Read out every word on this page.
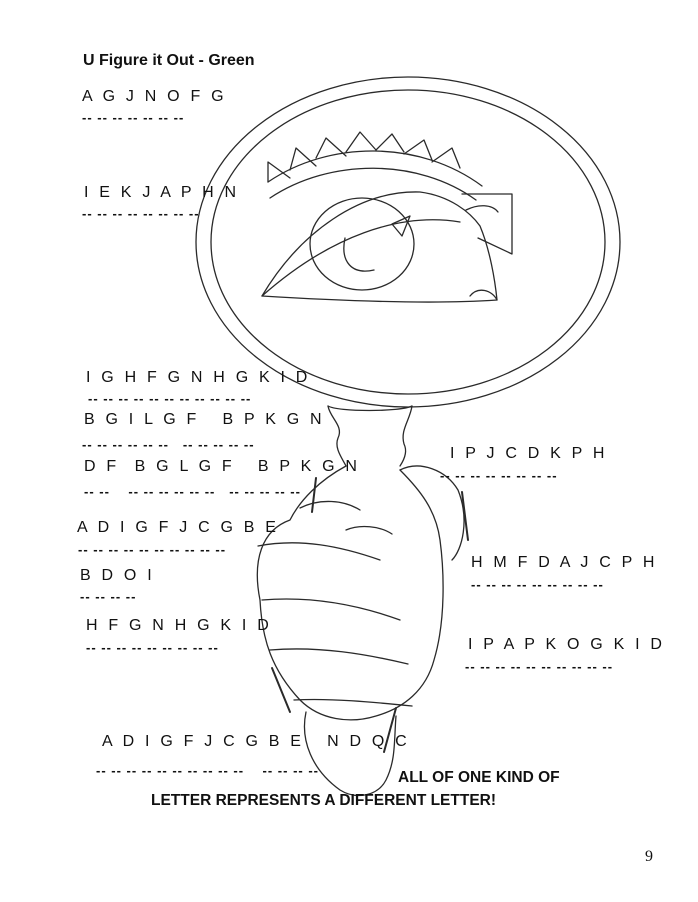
U Figure it Out - Green
A G J N O F G
-- -- -- -- -- -- --
I E K J A P H N
-- -- -- -- -- -- -- --
I G H F G N H G K I D
-- -- -- -- -- -- -- -- -- -- --
B G I L G F   B P K G N
-- -- -- -- -- --   -- -- -- -- --
D F  B G L G F   B P K G N
-- --    -- -- -- -- -- --   -- -- -- -- --
I P J C D K P H
-- -- -- -- -- -- -- --
A D I G F J C G B E
-- -- -- -- -- -- -- -- -- --
H M F D A J C P H
-- -- -- -- -- -- -- -- --
B D O I
-- -- -- --
H F G N H G K I D
-- -- -- -- -- -- -- -- --	I P A P K O G K I D
-- -- -- -- -- -- -- -- -- --
A D I G F J C G B E   N D Q C
-- -- -- -- -- -- -- -- -- --    -- -- -- --	ALL OF ONE KIND OF
LETTER REPRESENTS A DIFFERENT LETTER!
9
